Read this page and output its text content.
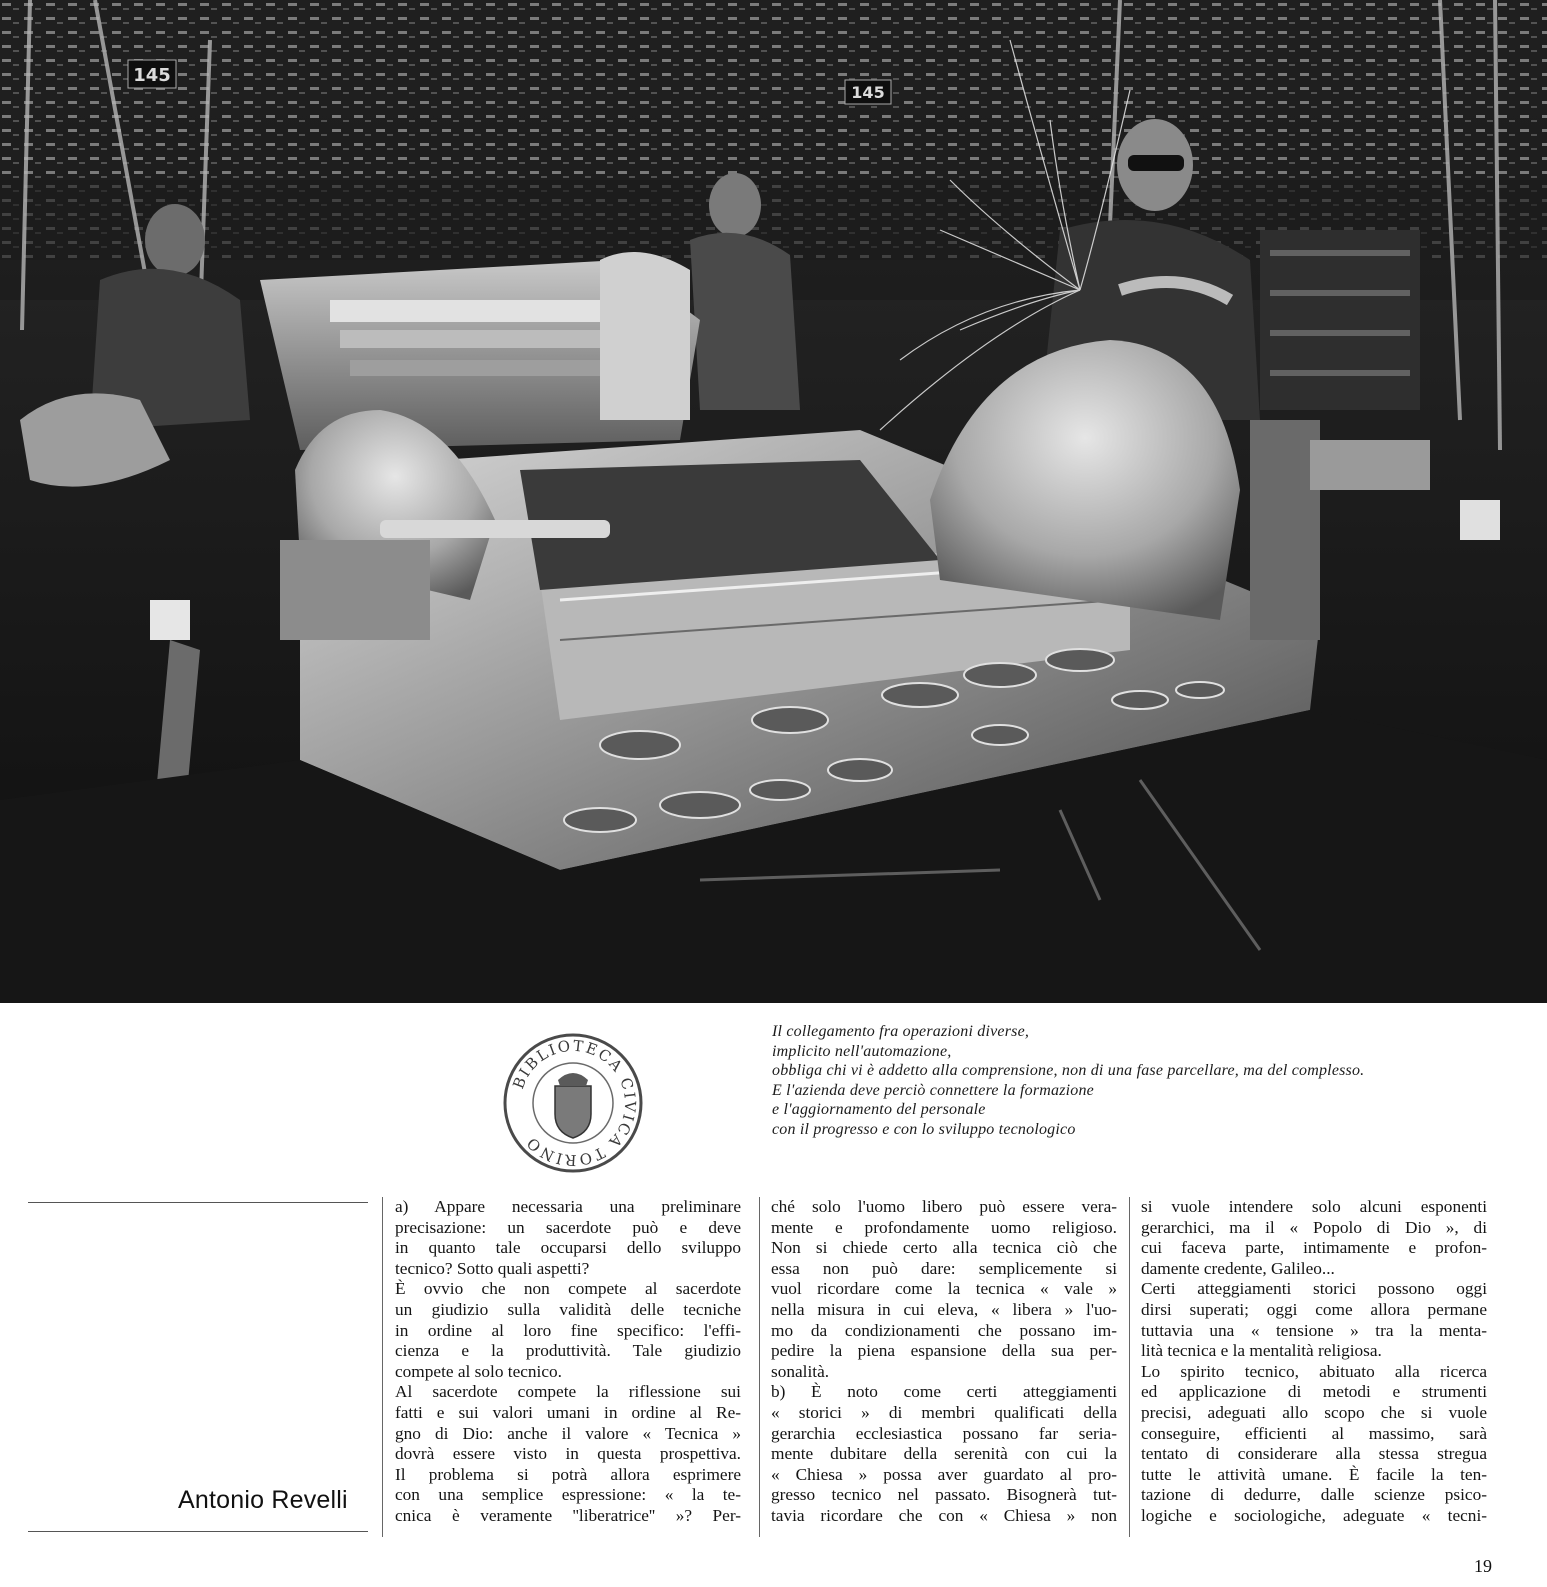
145
145
BIBLIOTECA CIVICA TORINO
Il collegamento fra operazioni diverse,
implicito nell'automazione,
obbliga chi vi è addetto alla comprensione, non di una fase parcellare, ma del complesso.
E l'azienda deve perciò connettere la formazione
e l'aggiornamento del personale
con il progresso e con lo sviluppo tecnologico
Antonio Revelli
a) Appare necessaria una preliminare
precisazione: un sacerdote può e deve
in quanto tale occuparsi dello sviluppo
tecnico? Sotto quali aspetti?
È ovvio che non compete al sacerdote
un giudizio sulla validità delle tecniche
in ordine al loro fine specifico: l'effi-
cienza e la produttività. Tale giudizio
compete al solo tecnico.
Al sacerdote compete la riflessione sui
fatti e sui valori umani in ordine al Re-
gno di Dio: anche il valore « Tecnica »
dovrà essere visto in questa prospettiva.
Il problema si potrà allora esprimere
con una semplice espressione: « la te-
cnica è veramente ''liberatrice'' »? Per-
ché solo l'uomo libero può essere vera-
mente e profondamente uomo religioso.
Non si chiede certo alla tecnica ciò che
essa non può dare: semplicemente si
vuol ricordare come la tecnica « vale »
nella misura in cui eleva, « libera » l'uo-
mo da condizionamenti che possano im-
pedire la piena espansione della sua per-
sonalità.
b) È noto come certi atteggiamenti
« storici » di membri qualificati della
gerarchia ecclesiastica possano far seria-
mente dubitare della serenità con cui la
« Chiesa » possa aver guardato al pro-
gresso tecnico nel passato. Bisognerà tut-
tavia ricordare che con « Chiesa » non
si vuole intendere solo alcuni esponenti
gerarchici, ma il « Popolo di Dio », di
cui faceva parte, intimamente e profon-
damente credente, Galileo...
Certi atteggiamenti storici possono oggi
dirsi superati; oggi come allora permane
tuttavia una « tensione » tra la menta-
lità tecnica e la mentalità religiosa.
Lo spirito tecnico, abituato alla ricerca
ed applicazione di metodi e strumenti
precisi, adeguati allo scopo che si vuole
conseguire, efficienti al massimo, sarà
tentato di considerare alla stessa stregua
tutte le attività umane. È facile la ten-
tazione di dedurre, dalle scienze psico-
logiche e sociologiche, adeguate « tecni-
19
